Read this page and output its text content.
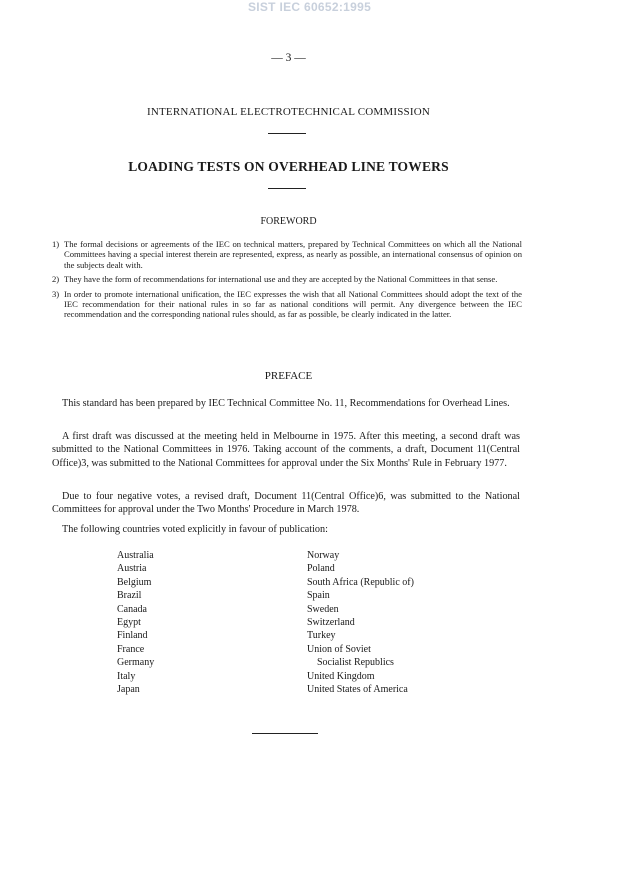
SIST IEC 60652:1995
— 3 —
INTERNATIONAL ELECTROTECHNICAL COMMISSION
LOADING TESTS ON OVERHEAD LINE TOWERS
FOREWORD
1) The formal decisions or agreements of the IEC on technical matters, prepared by Technical Committees on which all the National Committees having a special interest therein are represented, express, as nearly as possible, an international consensus of opinion on the subjects dealt with.
2) They have the form of recommendations for international use and they are accepted by the National Committees in that sense.
3) In order to promote international unification, the IEC expresses the wish that all National Committees should adopt the text of the IEC recommendation for their national rules in so far as national conditions will permit. Any divergence between the IEC recommendation and the corresponding national rules should, as far as possible, be clearly indicated in the latter.
PREFACE

This standard has been prepared by IEC Technical Committee No. 11, Recommendations for Overhead Lines.

A first draft was discussed at the meeting held in Melbourne in 1975. After this meeting, a second draft was submitted to the National Committees in 1976. Taking account of the comments, a draft, Document 11(Central Office)3, was submitted to the National Committees for approval under the Six Months' Rule in February 1977.

Due to four negative votes, a revised draft, Document 11(Central Office)6, was submitted to the National Committees for approval under the Two Months' Procedure in March 1978.

The following countries voted explicitly in favour of publication:

Australia
Austria
Belgium
Brazil
Canada
Egypt
Finland
France
Germany
Italy
Japan
Norway
Poland
South Africa (Republic of)
Spain
Sweden
Switzerland
Turkey
Union of Soviet
Socialist Republics
United Kingdom
United States of America
